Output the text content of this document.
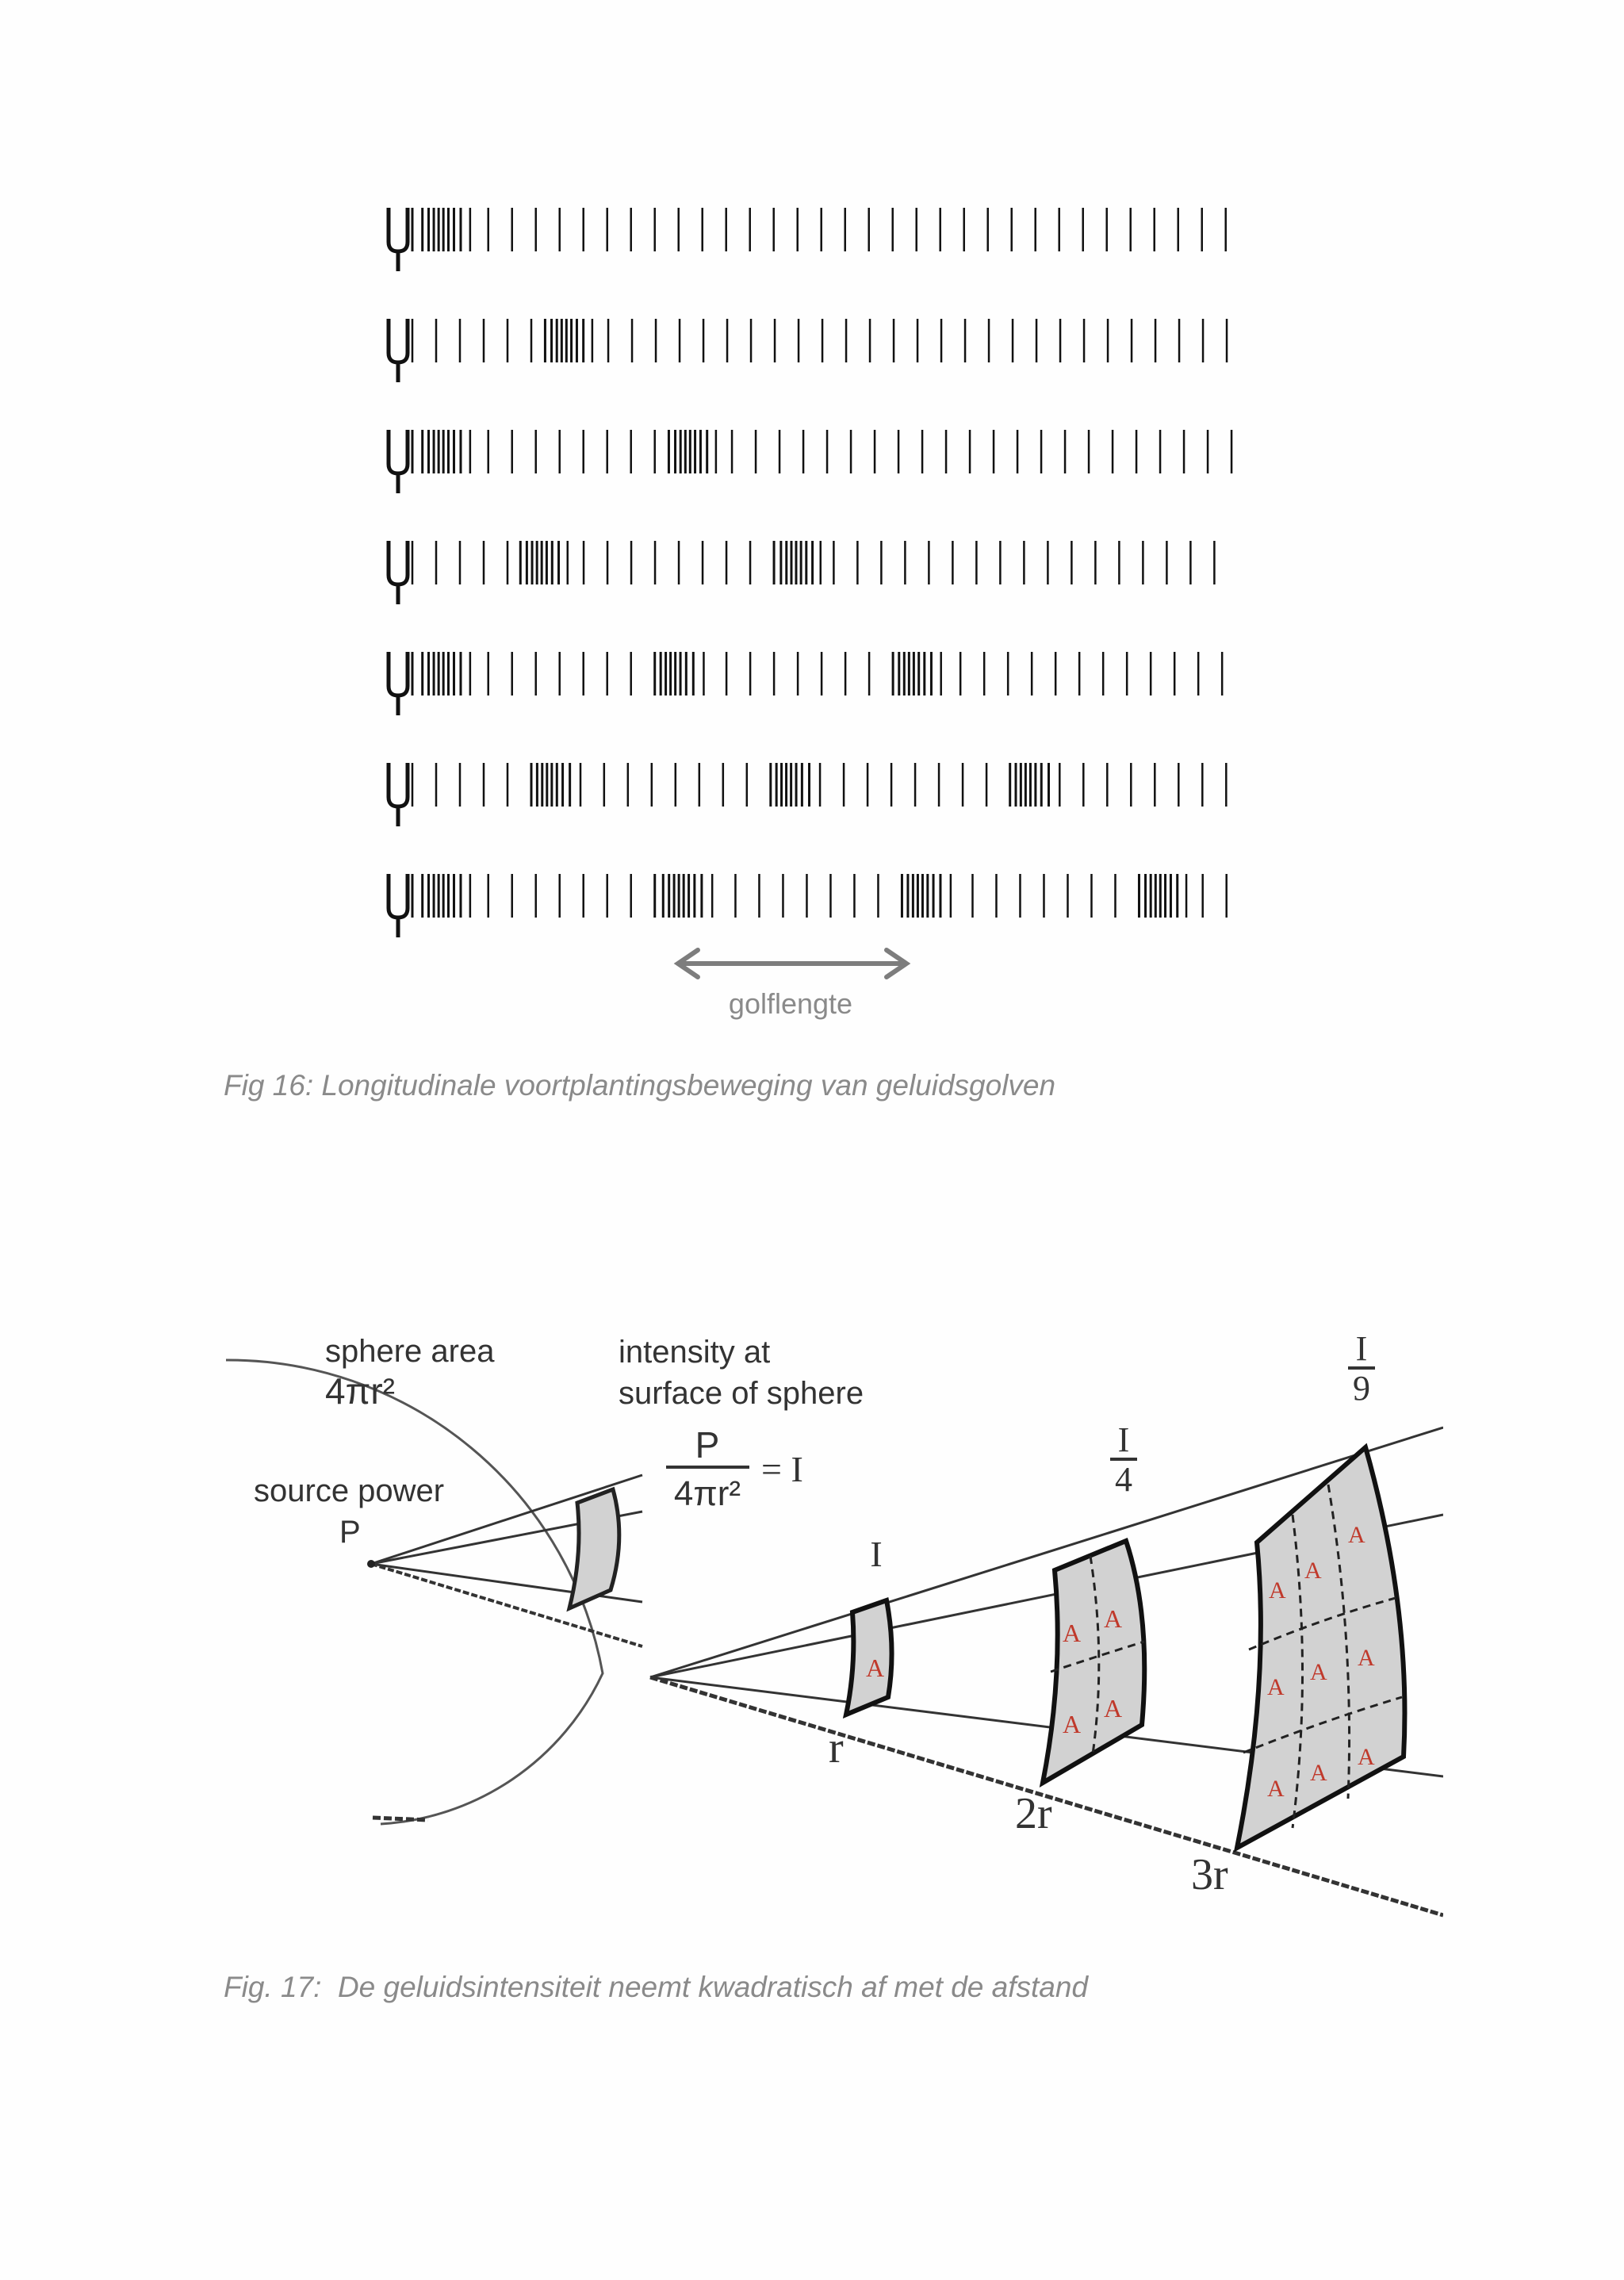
golflengte
Fig 16: Longitudinale voortplantingsbeweging van geluidsgolven
sphere area
4πr²
source power
P
intensity at
surface of sphere
P
4πr²
= I
A
A A
A
A
A
A
A
A
A
A
A
A
A
I
I
4
I
9
r
2r
3r
Fig. 17:  De geluidsintensiteit neemt kwadratisch af met de afstand
